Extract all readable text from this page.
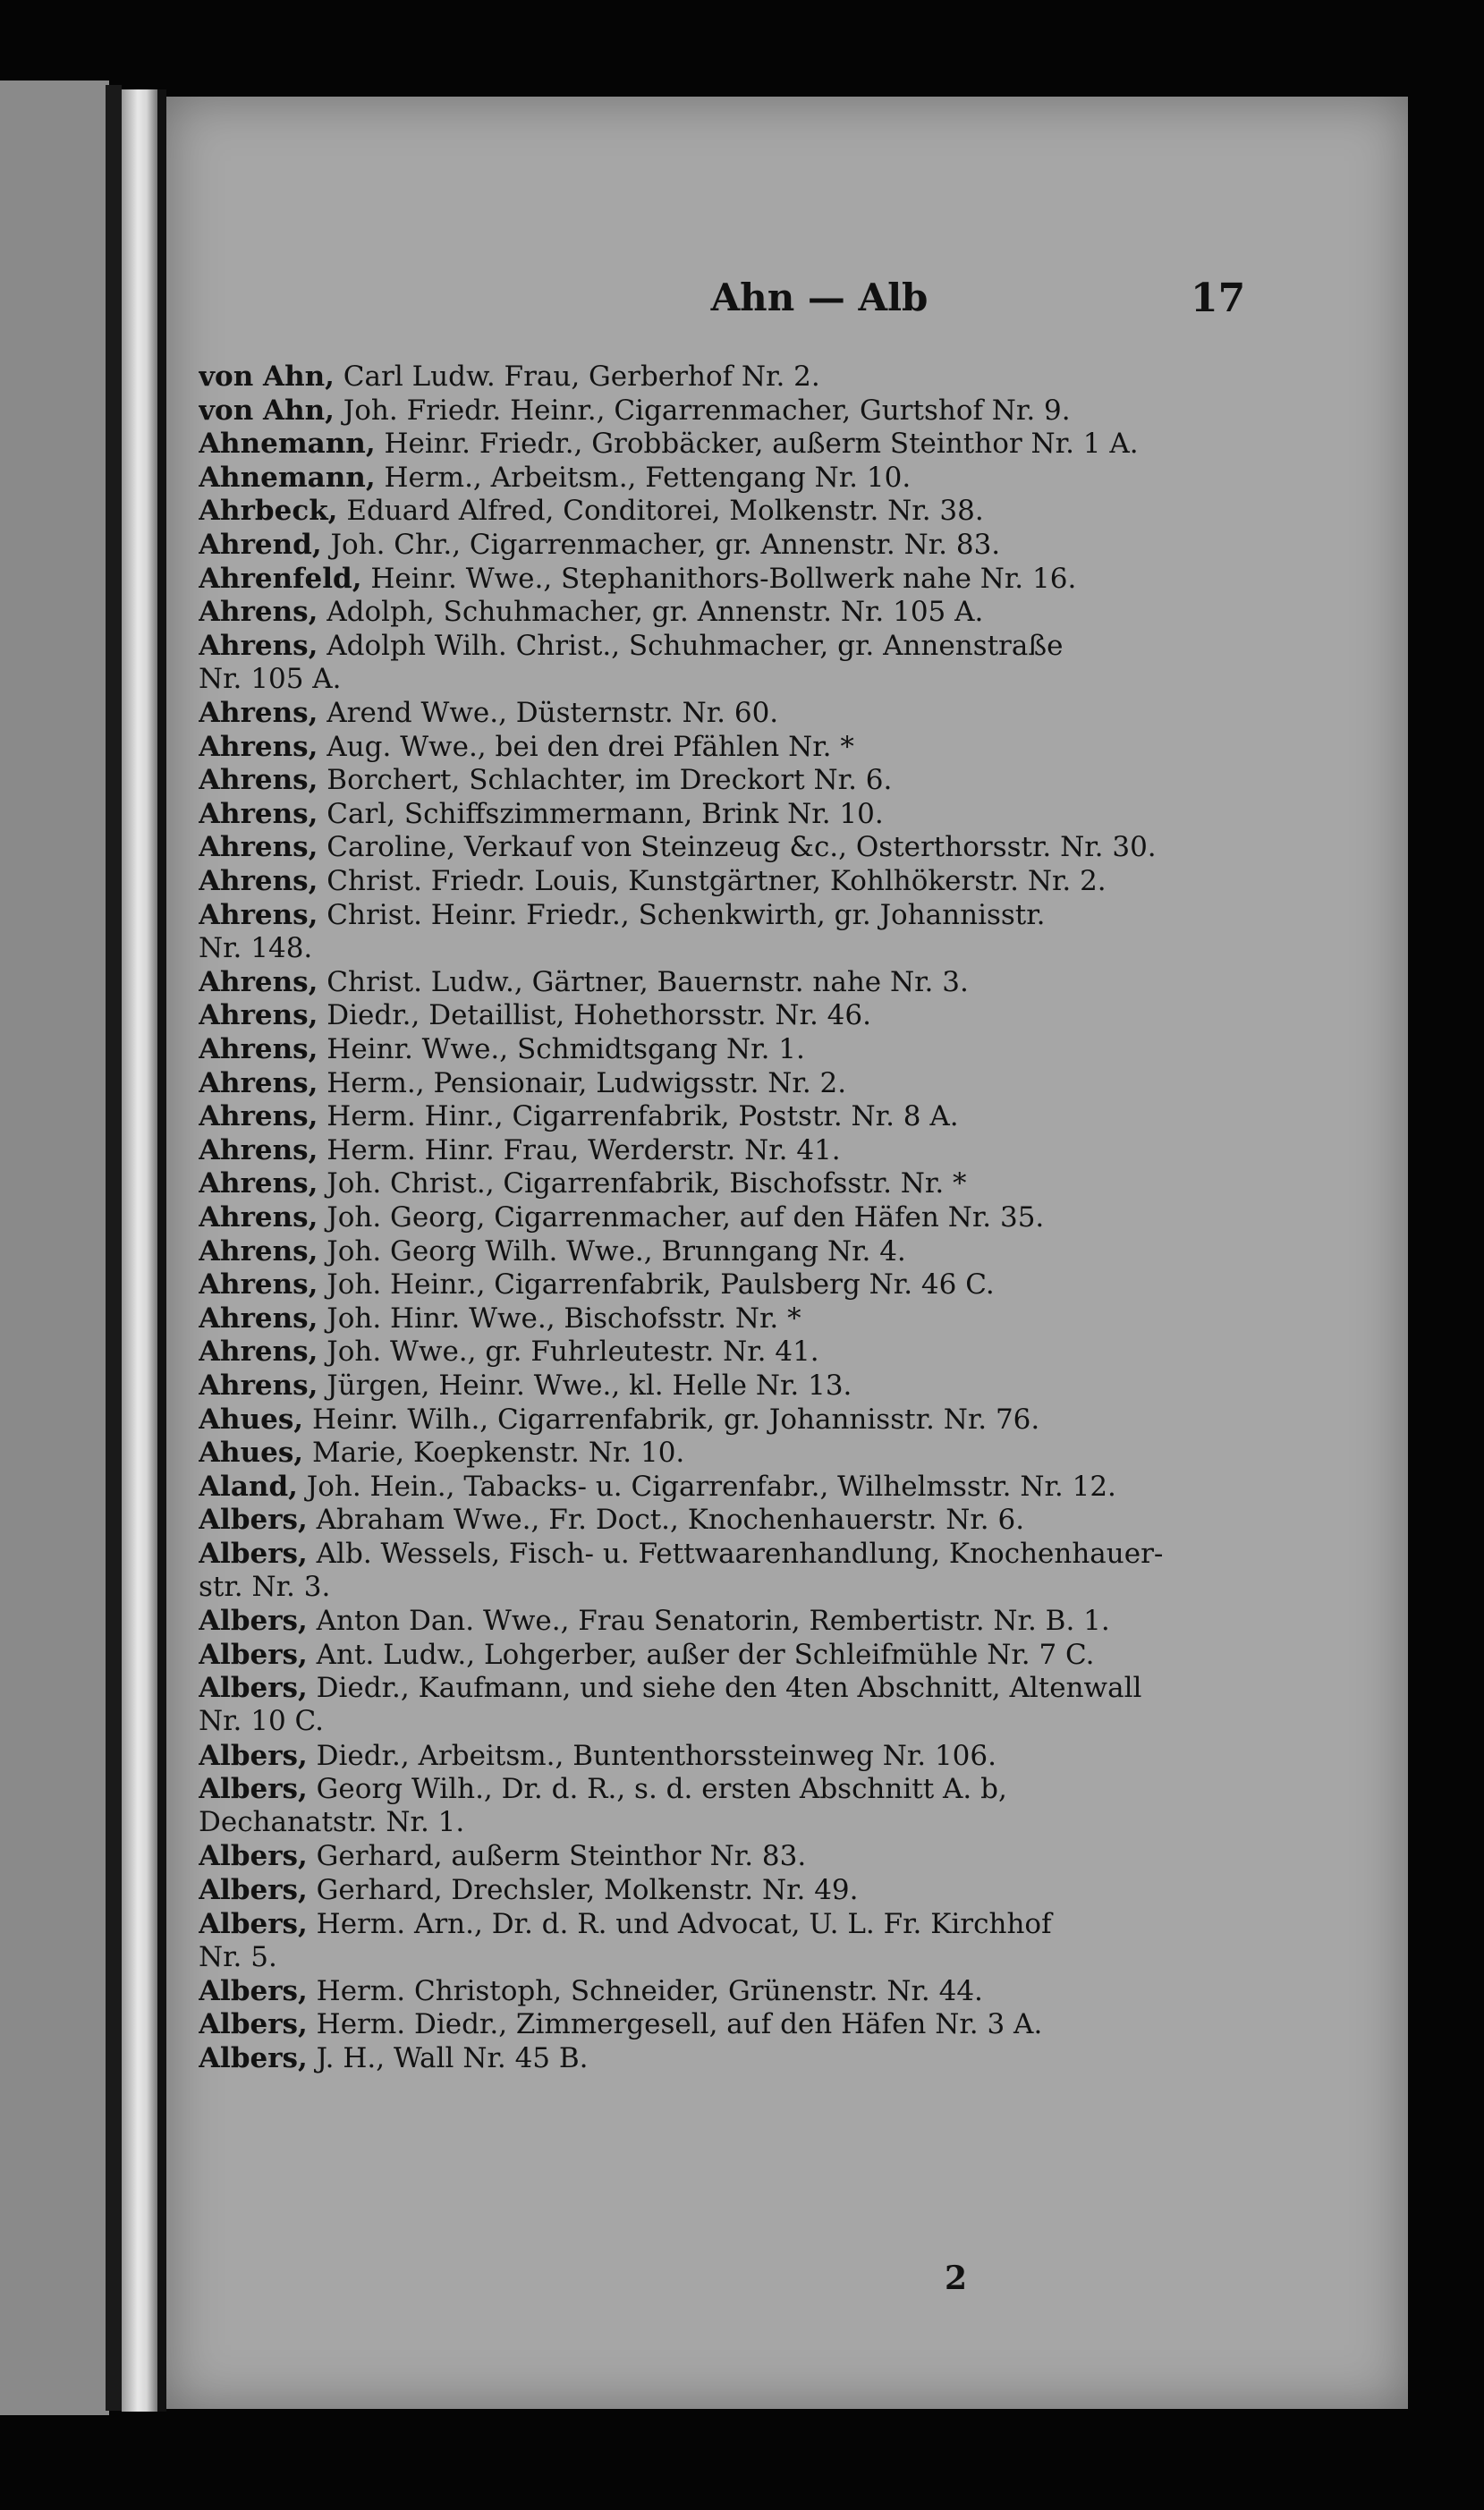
Ahn — Alb	17
von Ahn, Carl Ludw. Frau, Gerberhof Nr. 2.
von Ahn, Joh. Friedr. Heinr., Cigarrenmacher, Gurtshof Nr. 9.
Ahnemann, Heinr. Friedr., Grobbäcker, außerm Steinthor Nr. 1 A.
Ahnemann, Herm., Arbeitsm., Fettengang Nr. 10.
Ahrbeck, Eduard Alfred, Conditorei, Molkenstr. Nr. 38.
Ahrend, Joh. Chr., Cigarrenmacher, gr. Annenstr. Nr. 83.
Ahrenfeld, Heinr. Wwe., Stephanithors-Bollwerk nahe Nr. 16.
Ahrens, Adolph, Schuhmacher, gr. Annenstr. Nr. 105 A.
Ahrens, Adolph Wilh. Christ., Schuhmacher, gr. Annenstraße
Nr. 105 A.
Ahrens, Arend Wwe., Düsternstr. Nr. 60.
Ahrens, Aug. Wwe., bei den drei Pfählen Nr. *
Ahrens, Borchert, Schlachter, im Dreckort Nr. 6.
Ahrens, Carl, Schiffszimmermann, Brink Nr. 10.
Ahrens, Caroline, Verkauf von Steinzeug &c., Osterthorsstr. Nr. 30.
Ahrens, Christ. Friedr. Louis, Kunstgärtner, Kohlhökerstr. Nr. 2.
Ahrens, Christ. Heinr. Friedr., Schenkwirth, gr. Johannisstr.
Nr. 148.
Ahrens, Christ. Ludw., Gärtner, Bauernstr. nahe Nr. 3.
Ahrens, Diedr., Detaillist, Hohethorsstr. Nr. 46.
Ahrens, Heinr. Wwe., Schmidtsgang Nr. 1.
Ahrens, Herm., Pensionair, Ludwigsstr. Nr. 2.
Ahrens, Herm. Hinr., Cigarrenfabrik, Poststr. Nr. 8 A.
Ahrens, Herm. Hinr. Frau, Werderstr. Nr. 41.
Ahrens, Joh. Christ., Cigarrenfabrik, Bischofsstr. Nr. *
Ahrens, Joh. Georg, Cigarrenmacher, auf den Häfen Nr. 35.
Ahrens, Joh. Georg Wilh. Wwe., Brunngang Nr. 4.
Ahrens, Joh. Heinr., Cigarrenfabrik, Paulsberg Nr. 46 C.
Ahrens, Joh. Hinr. Wwe., Bischofsstr. Nr. *
Ahrens, Joh. Wwe., gr. Fuhrleutestr. Nr. 41.
Ahrens, Jürgen, Heinr. Wwe., kl. Helle Nr. 13.
Ahues, Heinr. Wilh., Cigarrenfabrik, gr. Johannisstr. Nr. 76.
Ahues, Marie, Koepkenstr. Nr. 10.
Aland, Joh. Hein., Tabacks- u. Cigarrenfabr., Wilhelmsstr. Nr. 12.
Albers, Abraham Wwe., Fr. Doct., Knochenhauerstr. Nr. 6.
Albers, Alb. Wessels, Fisch- u. Fettwaarenhandlung, Knochenhauer-
str. Nr. 3.
Albers, Anton Dan. Wwe., Frau Senatorin, Rembertistr. Nr. B. 1.
Albers, Ant. Ludw., Lohgerber, außer der Schleifmühle Nr. 7 C.
Albers, Diedr., Kaufmann, und siehe den 4ten Abschnitt, Altenwall
Nr. 10 C.
Albers, Diedr., Arbeitsm., Buntenthorssteinweg Nr. 106.
Albers, Georg Wilh., Dr. d. R., s. d. ersten Abschnitt A. b,
Dechanatstr. Nr. 1.
Albers, Gerhard, außerm Steinthor Nr. 83.
Albers, Gerhard, Drechsler, Molkenstr. Nr. 49.
Albers, Herm. Arn., Dr. d. R. und Advocat, U. L. Fr. Kirchhof
Nr. 5.
Albers, Herm. Christoph, Schneider, Grünenstr. Nr. 44.
Albers, Herm. Diedr., Zimmergesell, auf den Häfen Nr. 3 A.
Albers, J. H., Wall Nr. 45 B.
2
